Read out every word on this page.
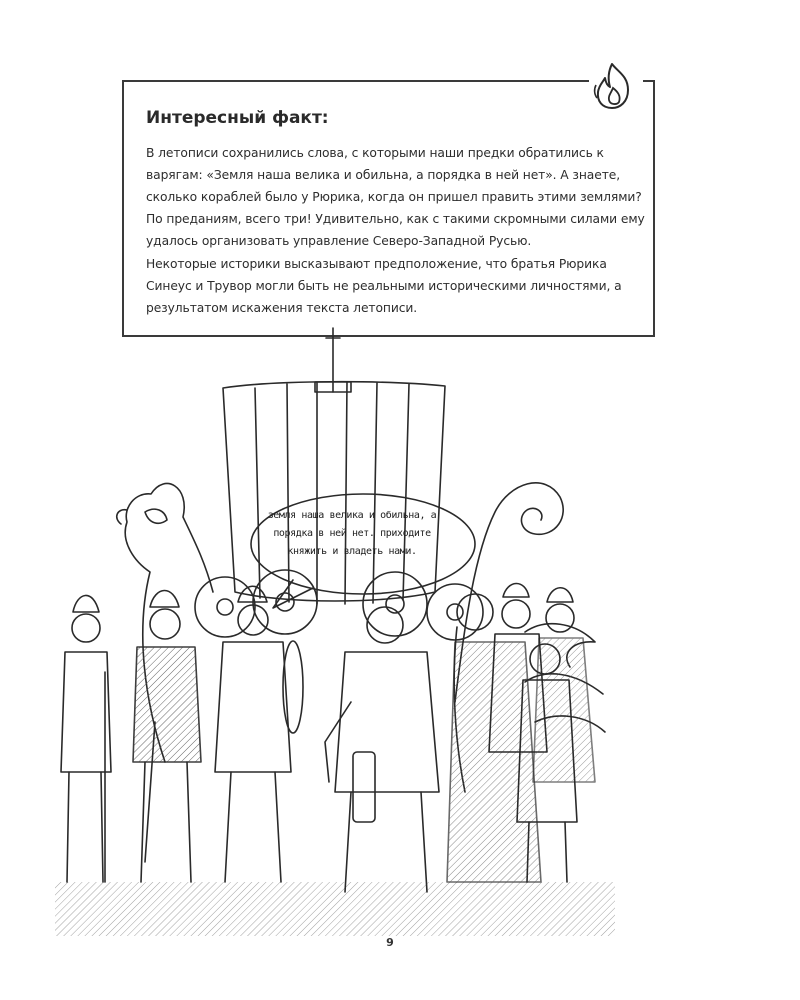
Интересный факт:

В летописи сохранились слова, с которыми наши предки обратились к варягам: «Земля наша велика и обильна, а порядка в ней нет». А знаете, сколько кораблей было у Рюрика, когда он пришел править этими землями? По преданиям, всего три! Удивительно, как с такими скромными силами ему удалось организовать управление Северо-Западной Русью.

Некоторые историки высказывают предположение, что братья Рюрика Синеус и Трувор могли быть не реальными историческими личностями, а результатом искажения текста летописи.

земля наша велика и обильна, а порядка в ней нет. приходите княжить и владеть нами.

9
